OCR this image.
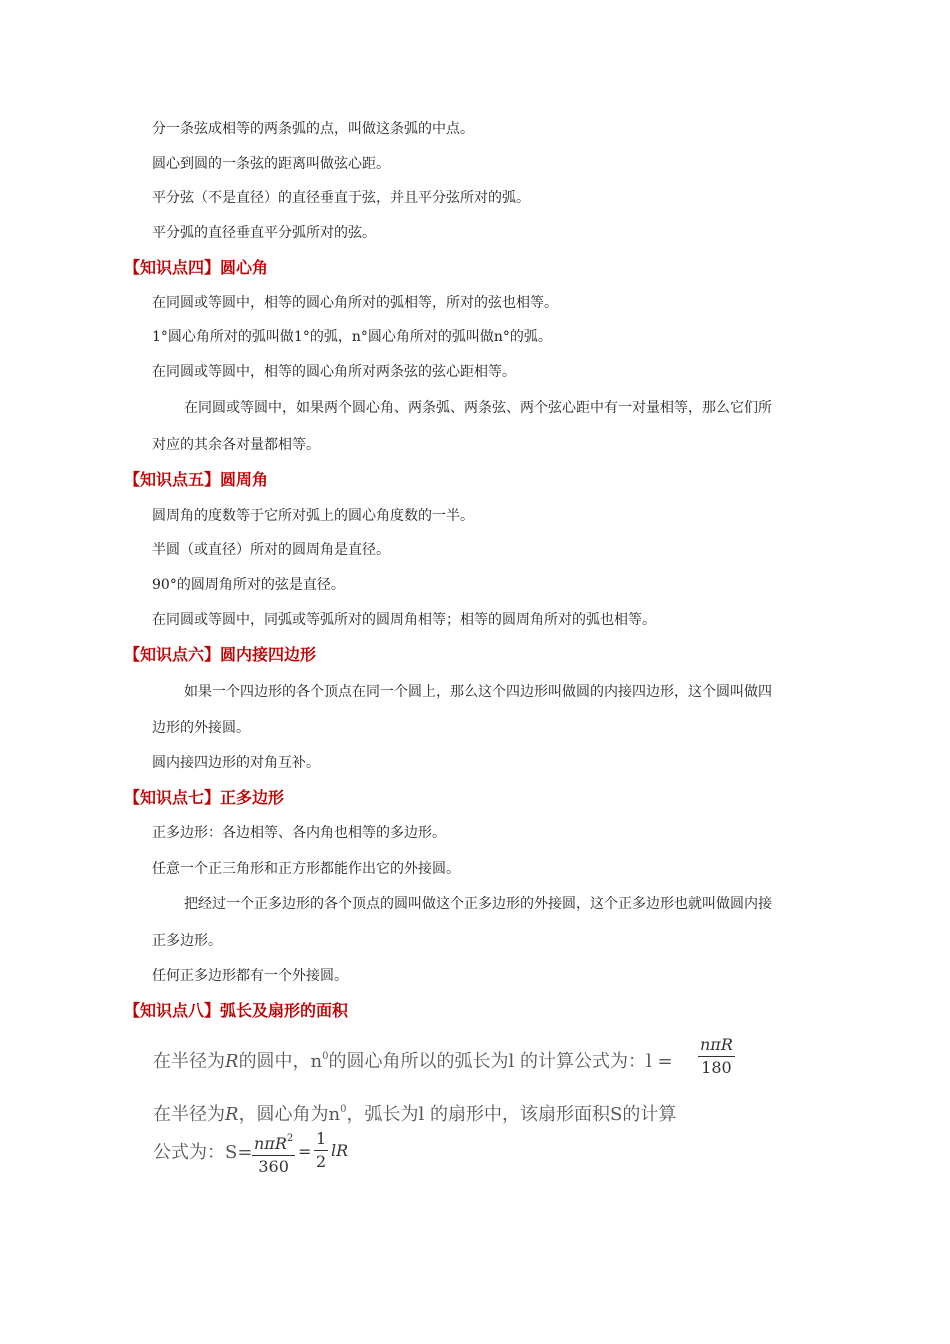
分一条弦成相等的两条弧的点，叫做这条弧的中点。
圆心到圆的一条弦的距离叫做弦心距。
平分弦（不是直径）的直径垂直于弦，并且平分弦所对的弧。
平分弧的直径垂直平分弧所对的弦。
【知识点四】圆心角
在同圆或等圆中，相等的圆心角所对的弧相等，所对的弦也相等。
1°圆心角所对的弧叫做1°的弧，n°圆心角所对的弧叫做n°的弧。
在同圆或等圆中，相等的圆心角所对两条弦的弦心距相等。
在同圆或等圆中，如果两个圆心角、两条弧、两条弦、两个弦心距中有一对量相等，那么它们所
对应的其余各对量都相等。
【知识点五】圆周角
圆周角的度数等于它所对弧上的圆心角度数的一半。
半圆（或直径）所对的圆周角是直径。
90°的圆周角所对的弦是直径。
在同圆或等圆中，同弧或等弧所对的圆周角相等；相等的圆周角所对的弧也相等。
【知识点六】圆内接四边形
如果一个四边形的各个顶点在同一个圆上，那么这个四边形叫做圆的内接四边形，这个圆叫做四
边形的外接圆。
圆内接四边形的对角互补。
【知识点七】正多边形
正多边形：各边相等、各内角也相等的多边形。
任意一个正三角形和正方形都能作出它的外接圆。
把经过一个正多边形的各个顶点的圆叫做这个正多边形的外接圆，这个正多边形也就叫做圆内接
正多边形。
任何正多边形都有一个外接圆。
【知识点八】弧长及扇形的面积
在半径为R的圆中，$n^0$的圆心角所以的弧长为l 的计算公式为：l =
nπR
180
在半径为R，圆心角为$n^0$，弧长为l 的扇形中，该扇形面积S的计算
公式为：S= nπR$^2$
360
= $\frac{1}{2}$ lR
